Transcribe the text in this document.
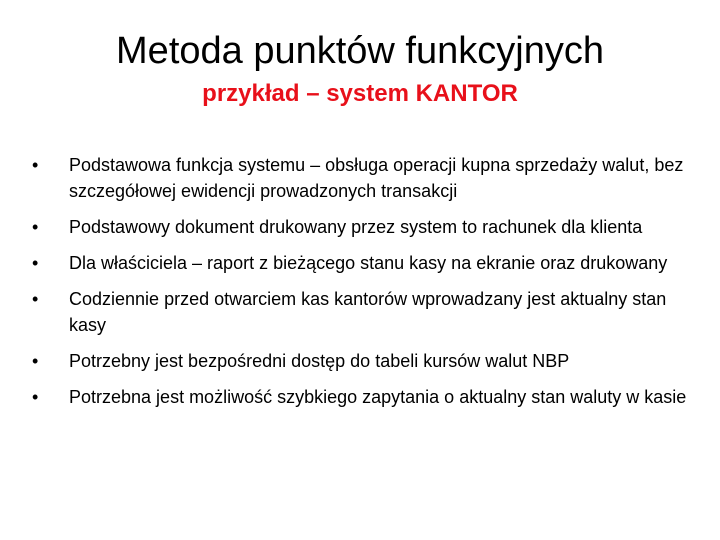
Metoda punktów funkcyjnych
przykład – system KANTOR
• Podstawowa funkcja systemu – obsługa operacji kupna sprzedaży walut, bez szczegółowej ewidencji prowadzonych transakcji
• Podstawowy dokument drukowany przez system to rachunek dla klienta
• Dla właściciela – raport z bieżącego stanu kasy na ekranie oraz drukowany
• Codziennie przed otwarciem kas kantorów wprowadzany jest aktualny stan kasy
• Potrzebny jest bezpośredni dostęp do tabeli kursów walut NBP
• Potrzebna jest możliwość szybkiego zapytania o aktualny stan waluty w kasie
